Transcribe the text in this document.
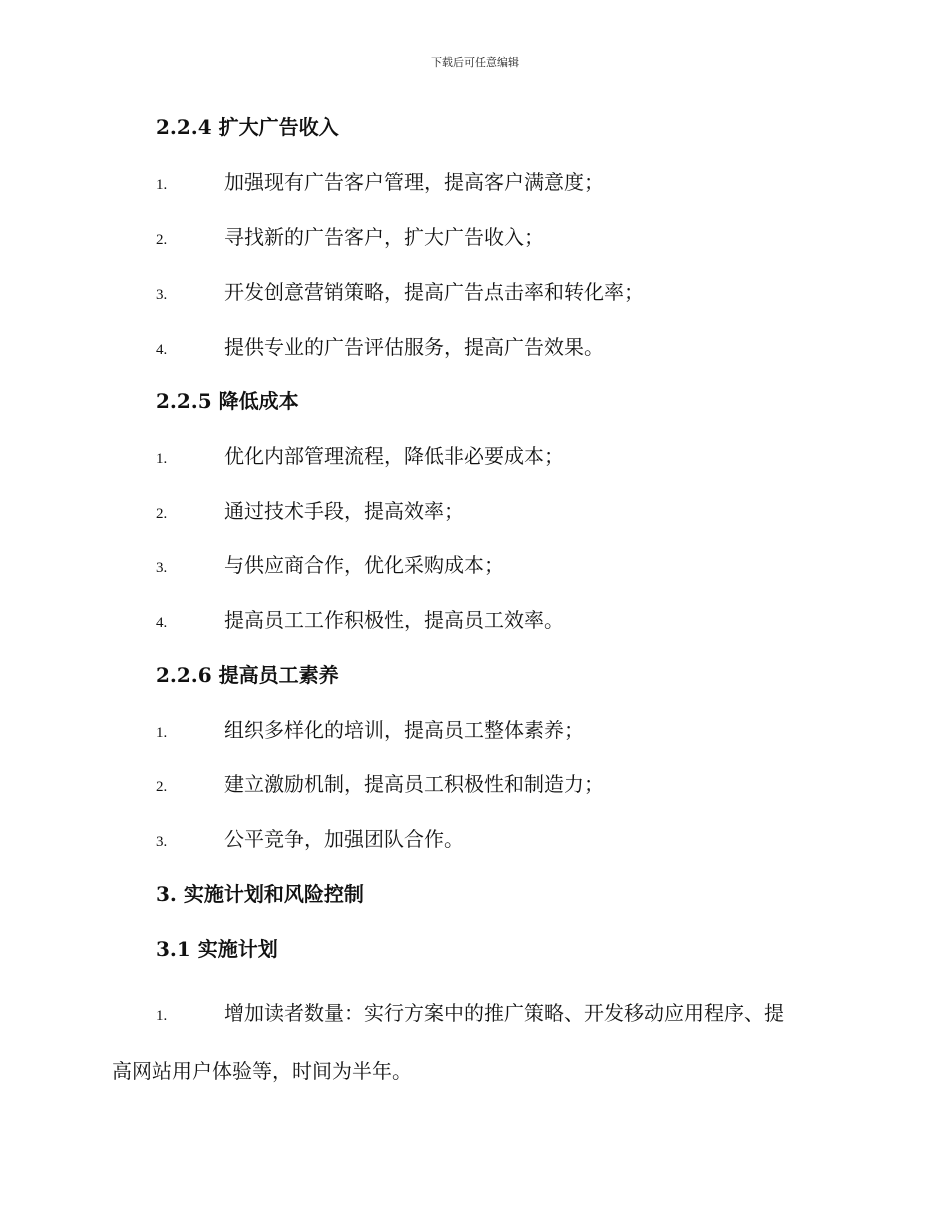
下载后可任意编辑
2.2.4 扩大广告收入
1.	加强现有广告客户管理，提高客户满意度；
2.	寻找新的广告客户，扩大广告收入；
3.	开发创意营销策略，提高广告点击率和转化率；
4.	提供专业的广告评估服务，提高广告效果。
2.2.5 降低成本
1.	优化内部管理流程，降低非必要成本；
2.	通过技术手段，提高效率；
3.	与供应商合作，优化采购成本；
4.	提高员工工作积极性，提高员工效率。
2.2.6 提高员工素养
1.	组织多样化的培训，提高员工整体素养；
2.	建立激励机制，提高员工积极性和制造力；
3.	公平竞争，加强团队合作。
3. 实施计划和风险控制
3.1 实施计划
1.	增加读者数量：实行方案中的推广策略、开发移动应用程序、提
高网站用户体验等，时间为半年。
